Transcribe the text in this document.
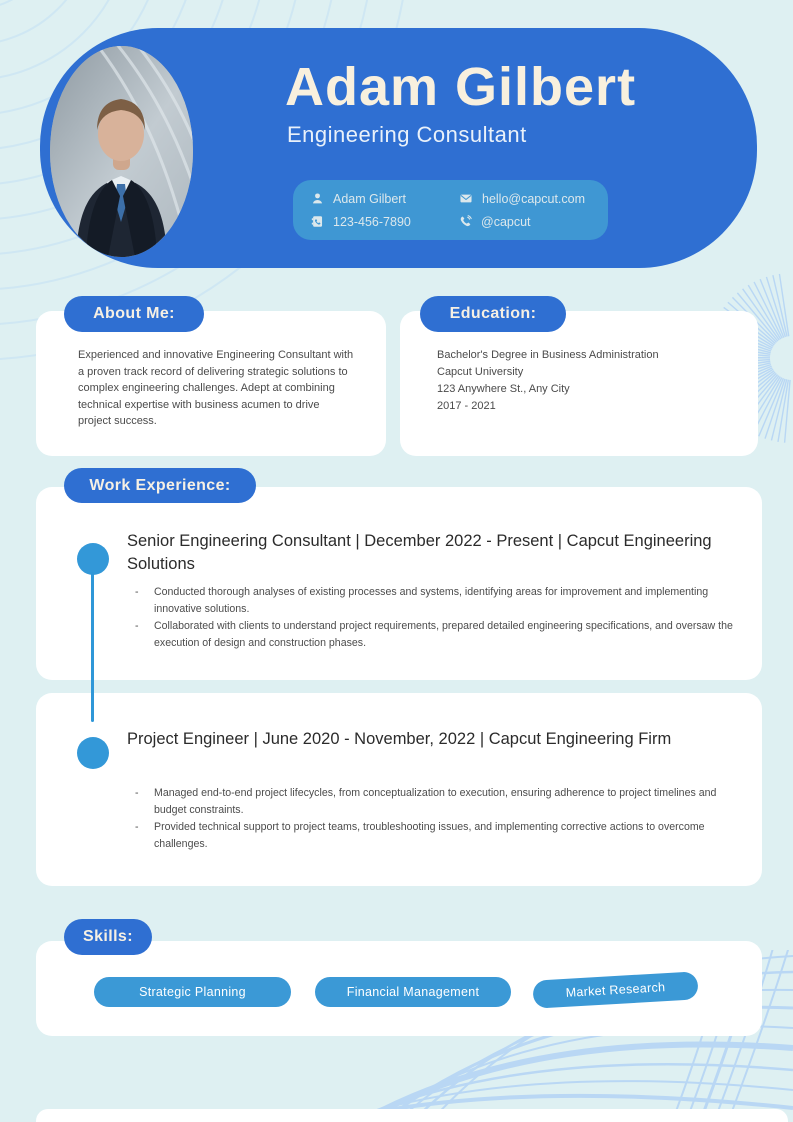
Adam Gilbert
Engineering Consultant
Adam Gilbert	hello@capcut.com
123-456-7890	@capcut
About Me:

Experienced and innovative Engineering Consultant with a proven track record of delivering strategic solutions to complex engineering challenges. Adept at combining technical expertise with business acumen to drive project success.

Education:
Bachelor's Degree in Business Administration
Capcut University
123 Anywhere St., Any City
2017 - 2021
Work Experience:
Senior Engineering Consultant | December 2022 - Present | Capcut Engineering Solutions
- Conducted thorough analyses of existing processes and systems, identifying areas for improvement and implementing innovative solutions.
- Collaborated with clients to understand project requirements, prepared detailed engineering specifications, and oversaw the execution of design and construction phases.
Project Engineer | June 2020 - November, 2022 | Capcut Engineering Firm
- Managed end-to-end project lifecycles, from conceptualization to execution, ensuring adherence to project timelines and budget constraints.
- Provided technical support to project teams, troubleshooting issues, and implementing corrective actions to overcome challenges.
Skills:
Strategic Planning	Financial Management	Market Research
